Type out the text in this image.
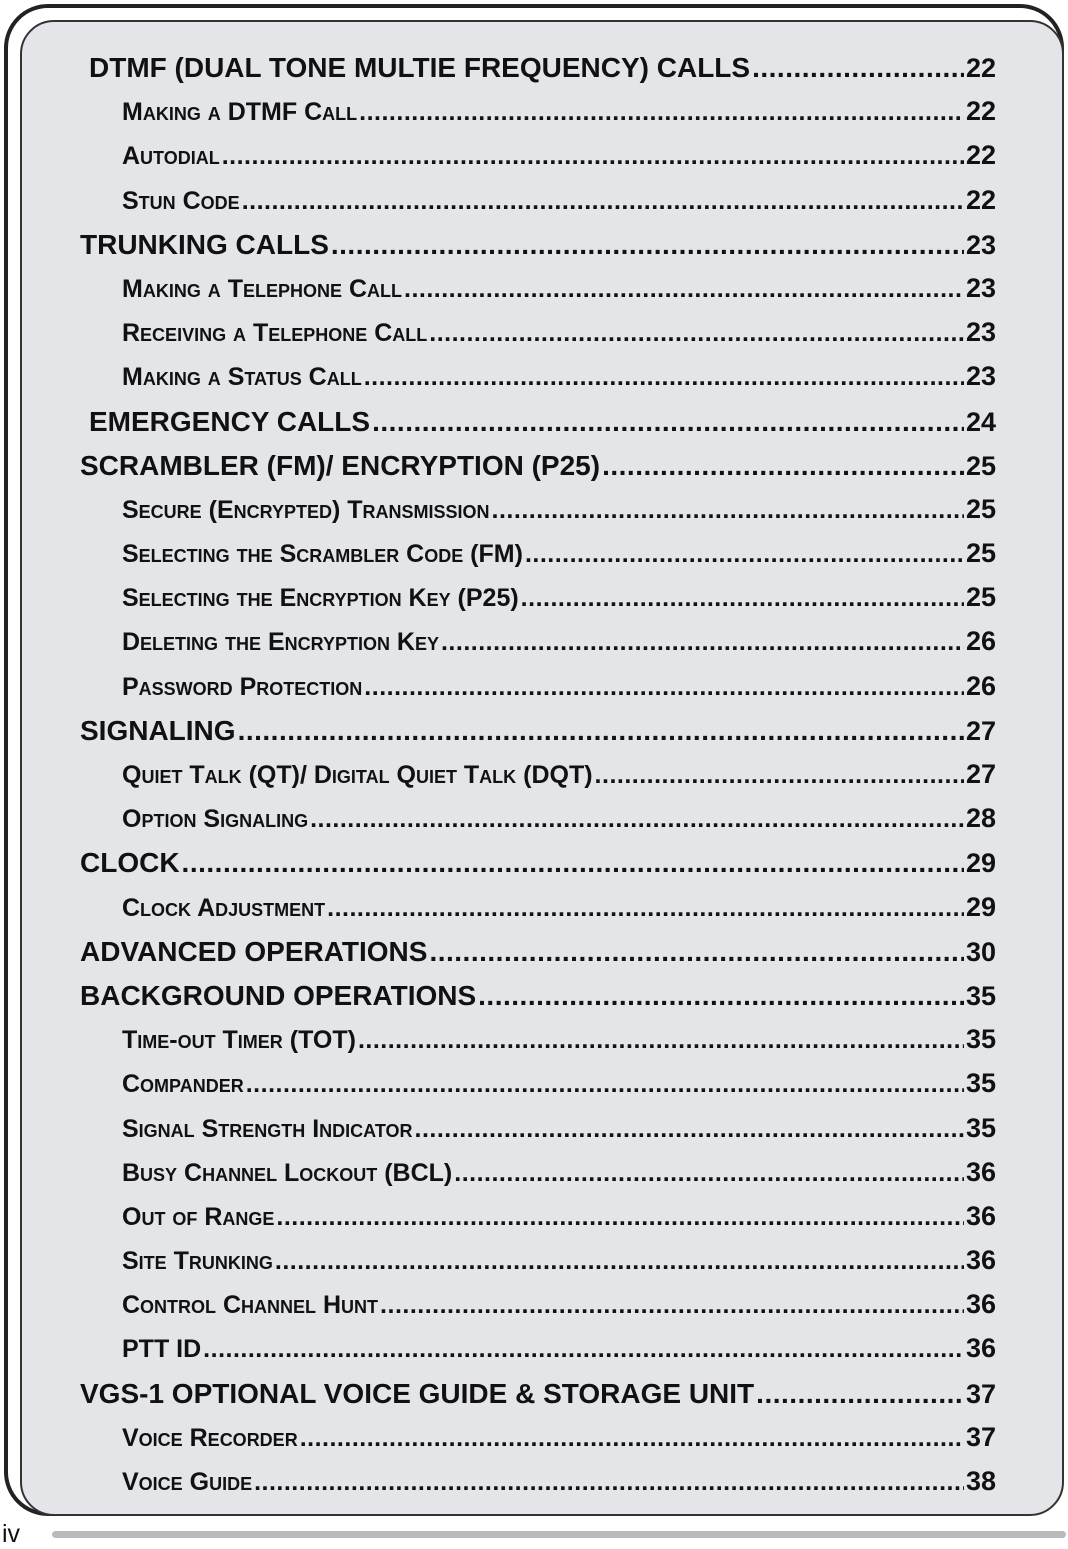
DTMF (DUAL TONE MULTIE FREQUENCY) CALLS .....	22
Making a DTMF Call .....	22
Autodial .....	22
Stun Code .....	22
TRUNKING CALLS .....	23
Making a Telephone Call .....	23
Receiving a Telephone Call .....	23
Making a Status Call .....	23
EMERGENCY CALLS .....	24
SCRAMBLER (FM)/ ENCRYPTION (P25) .....	25
Secure (Encrypted) Transmission .....	25
Selecting the Scrambler Code (FM) .....	25
Selecting the Encryption Key (P25) .....	25
Deleting the Encryption Key .....	26
Password Protection .....	26
SIGNALING .....	27
Quiet Talk (QT)/ Digital Quiet Talk (DQT) .....	27
Option Signaling .....	28
CLOCK .....	29
Clock Adjustment .....	29
ADVANCED OPERATIONS .....	30
BACKGROUND OPERATIONS .....	35
Time-out Timer (TOT) .....	35
Compander .....	35
Signal Strength Indicator .....	35
Busy Channel Lockout (BCL) .....	36
Out of Range .....	36
Site Trunking .....	36
Control Channel Hunt .....	36
PTT ID .....	36
VGS-1 OPTIONAL VOICE GUIDE & STORAGE UNIT .....	37
Voice Recorder .....	37
Voice Guide .....	38
iv
